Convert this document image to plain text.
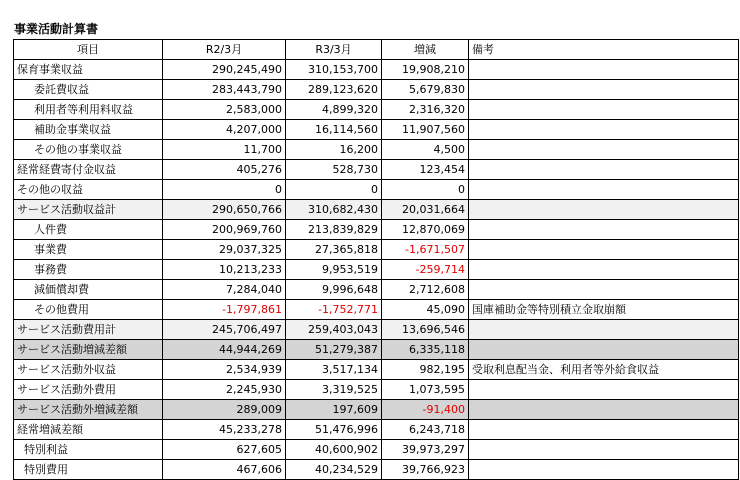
事業活動計算書
項目	R2/3月	R3/3月	増減	備考
保育事業収益	290,245,490	310,153,700	19,908,210	
委託費収益	283,443,790	289,123,620	5,679,830	
利用者等利用料収益	2,583,000	4,899,320	2,316,320	
補助金事業収益	4,207,000	16,114,560	11,907,560	
その他の事業収益	11,700	16,200	4,500	
経常経費寄付金収益	405,276	528,730	123,454	
その他の収益	0	0	0	
サービス活動収益計	290,650,766	310,682,430	20,031,664	
人件費	200,969,760	213,839,829	12,870,069	
事業費	29,037,325	27,365,818	-1,671,507	
事務費	10,213,233	9,953,519	-259,714	
減価償却費	7,284,040	9,996,648	2,712,608	
その他費用	-1,797,861	-1,752,771	45,090	国庫補助金等特別積立金取崩額
サービス活動費用計	245,706,497	259,403,043	13,696,546	
サービス活動増減差額	44,944,269	51,279,387	6,335,118	
サービス活動外収益	2,534,939	3,517,134	982,195	受取利息配当金、利用者等外給食収益
サービス活動外費用	2,245,930	3,319,525	1,073,595	
サービス活動外増減差額	289,009	197,609	-91,400	
経常増減差額	45,233,278	51,476,996	6,243,718	
特別利益	627,605	40,600,902	39,973,297	
特別費用	467,606	40,234,529	39,766,923	
